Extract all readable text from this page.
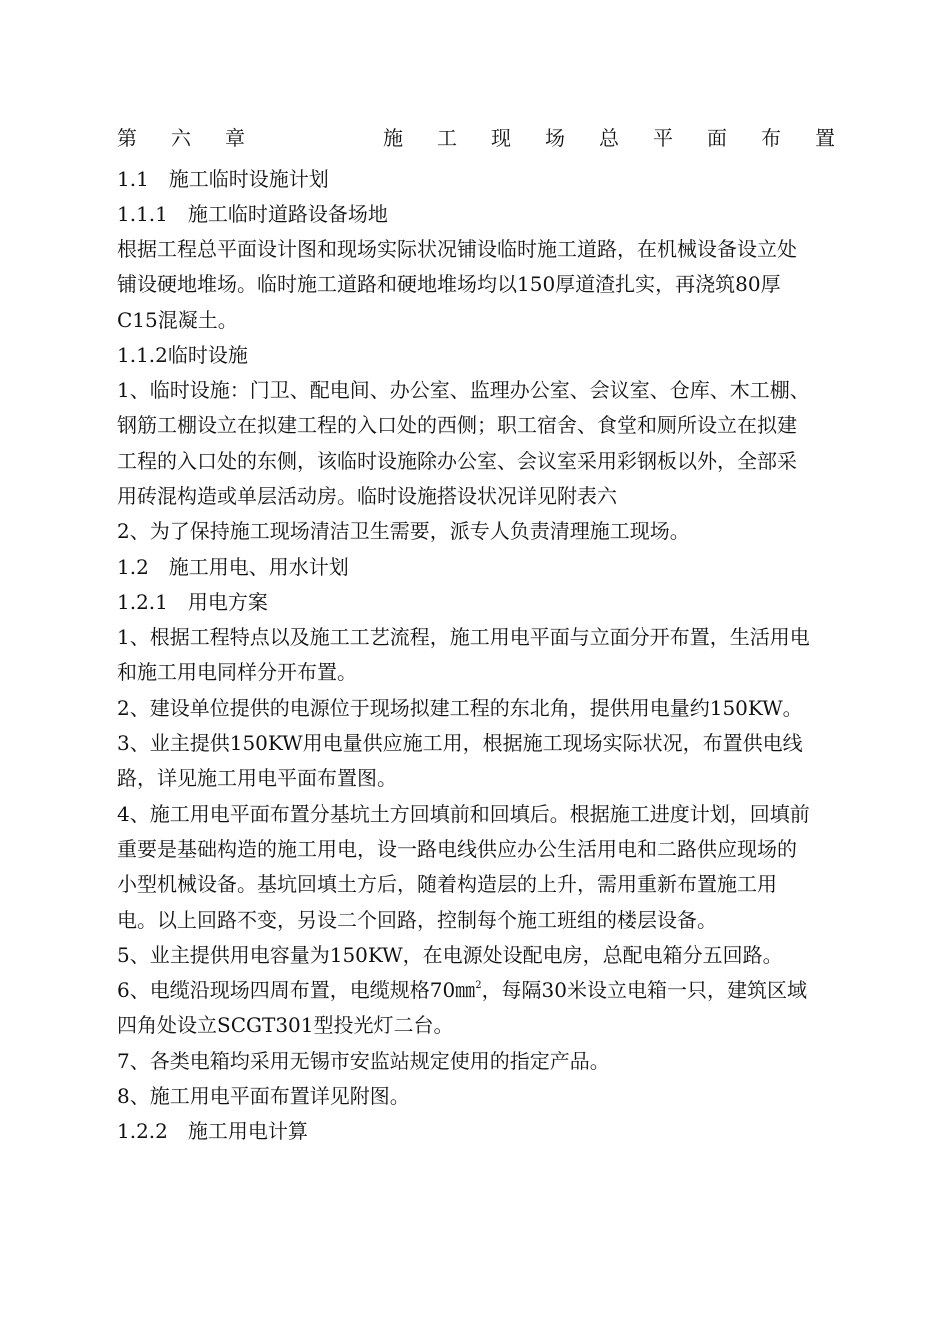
第 六 章	施 工 现 场 总 平 面 布 置
1.1　施工临时设施计划
1.1.1　施工临时道路设备场地
根据工程总平面设计图和现场实际状况铺设临时施工道路，在机械设备设立处
铺设硬地堆场。临时施工道路和硬地堆场均以150厚道渣扎实，再浇筑80厚
C15混凝土。
1.1.2临时设施
1、临时设施：门卫、配电间、办公室、监理办公室、会议室、仓库、木工棚、
钢筋工棚设立在拟建工程的入口处的西侧；职工宿舍、食堂和厕所设立在拟建
工程的入口处的东侧，该临时设施除办公室、会议室采用彩钢板以外，全部采
用砖混构造或单层活动房。临时设施搭设状况详见附表六
2、为了保持施工现场清洁卫生需要，派专人负责清理施工现场。
1.2　施工用电、用水计划
1.2.1　用电方案
1、根据工程特点以及施工工艺流程，施工用电平面与立面分开布置，生活用电
和施工用电同样分开布置。
2、建设单位提供的电源位于现场拟建工程的东北角，提供用电量约150KW。
3、业主提供150KW用电量供应施工用，根据施工现场实际状况，布置供电线
路，详见施工用电平面布置图。
4、施工用电平面布置分基坑土方回填前和回填后。根据施工进度计划，回填前
重要是基础构造的施工用电，设一路电线供应办公生活用电和二路供应现场的
小型机械设备。基坑回填土方后，随着构造层的上升，需用重新布置施工用
电。以上回路不变，另设二个回路，控制每个施工班组的楼层设备。
5、业主提供用电容量为150KW，在电源处设配电房，总配电箱分五回路。
6、电缆沿现场四周布置，电缆规格70㎜$^2$，每隔30米设立电箱一只，建筑区域
四角处设立SCGT301型投光灯二台。
7、各类电箱均采用无锡市安监站规定使用的指定产品。
8、施工用电平面布置详见附图。
1.2.2　施工用电计算
